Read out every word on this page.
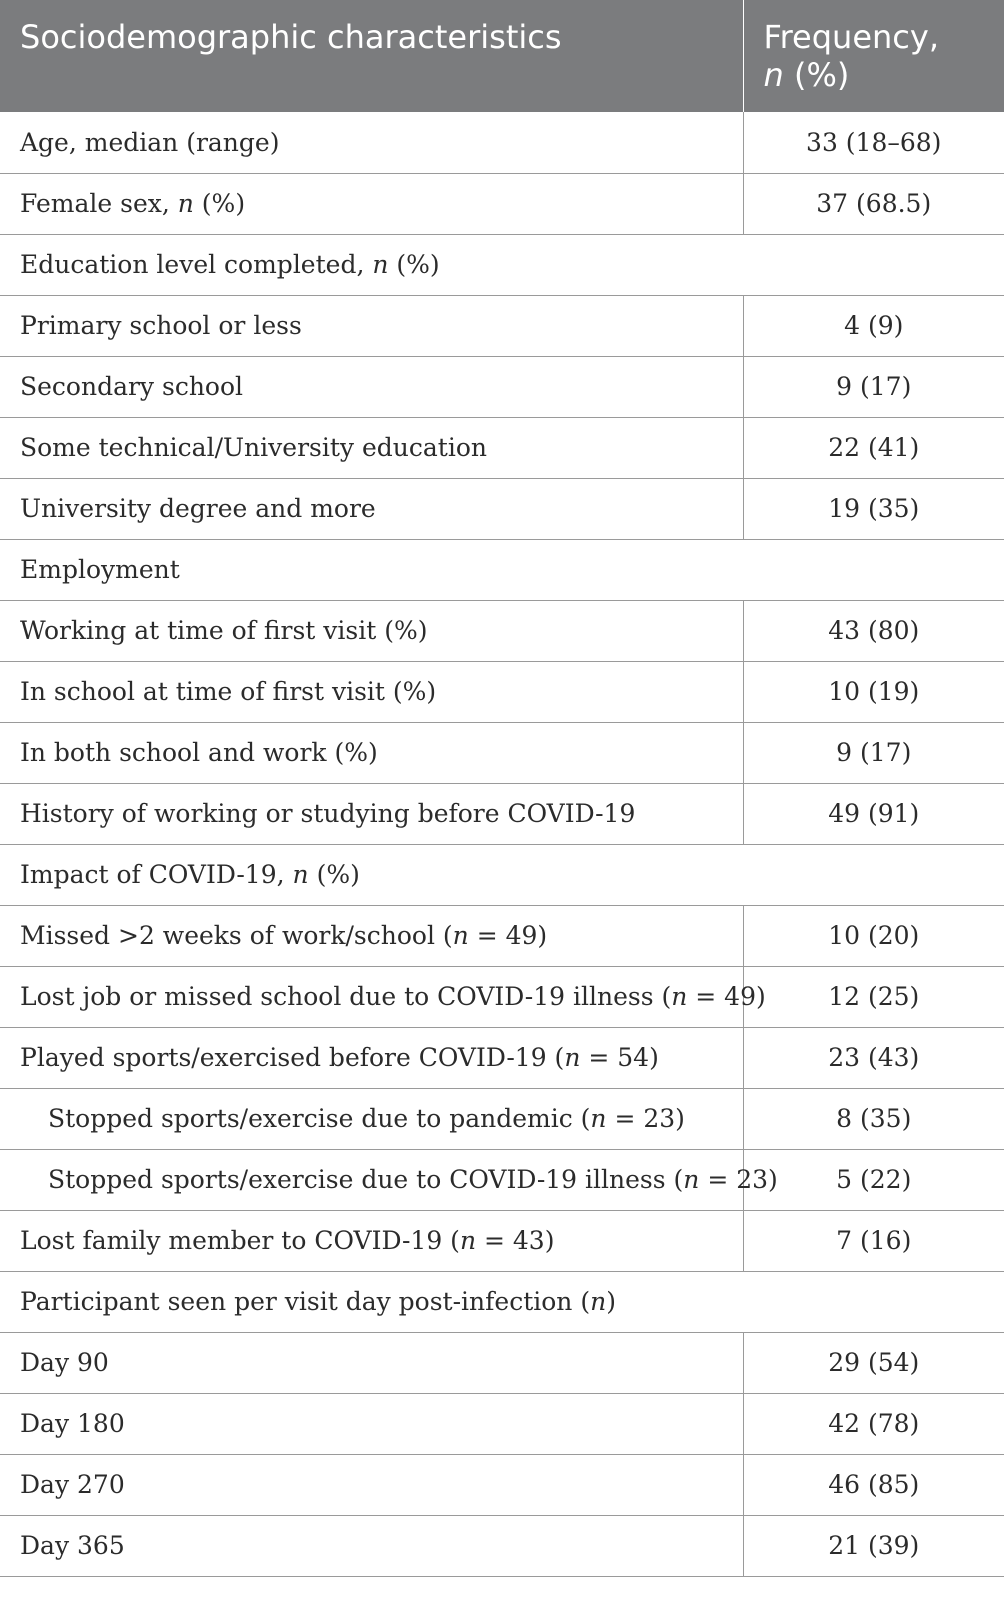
Sociodemographic characteristics	Frequency,
n (%)
Age, median (range)	33 (18–68)
Female sex, n (%)	37 (68.5)
Education level completed, n (%)	
Primary school or less	4 (9)
Secondary school	9 (17)
Some technical/University education	22 (41)
University degree and more	19 (35)
Employment	
Working at time of first visit (%)	43 (80)
In school at time of first visit (%)	10 (19)
In both school and work (%)	9 (17)
History of working or studying before COVID-19	49 (91)
Impact of COVID-19, n (%)	
Missed >2 weeks of work/school (n = 49)	10 (20)
Lost job or missed school due to COVID-19 illness (n = 49)	12 (25)
Played sports/exercised before COVID-19 (n = 54)	23 (43)
Stopped sports/exercise due to pandemic (n = 23)	8 (35)
Stopped sports/exercise due to COVID-19 illness (n = 23)	5 (22)
Lost family member to COVID-19 (n = 43)	7 (16)
Participant seen per visit day post-infection (n)	
Day 90	29 (54)
Day 180	42 (78)
Day 270	46 (85)
Day 365	21 (39)
